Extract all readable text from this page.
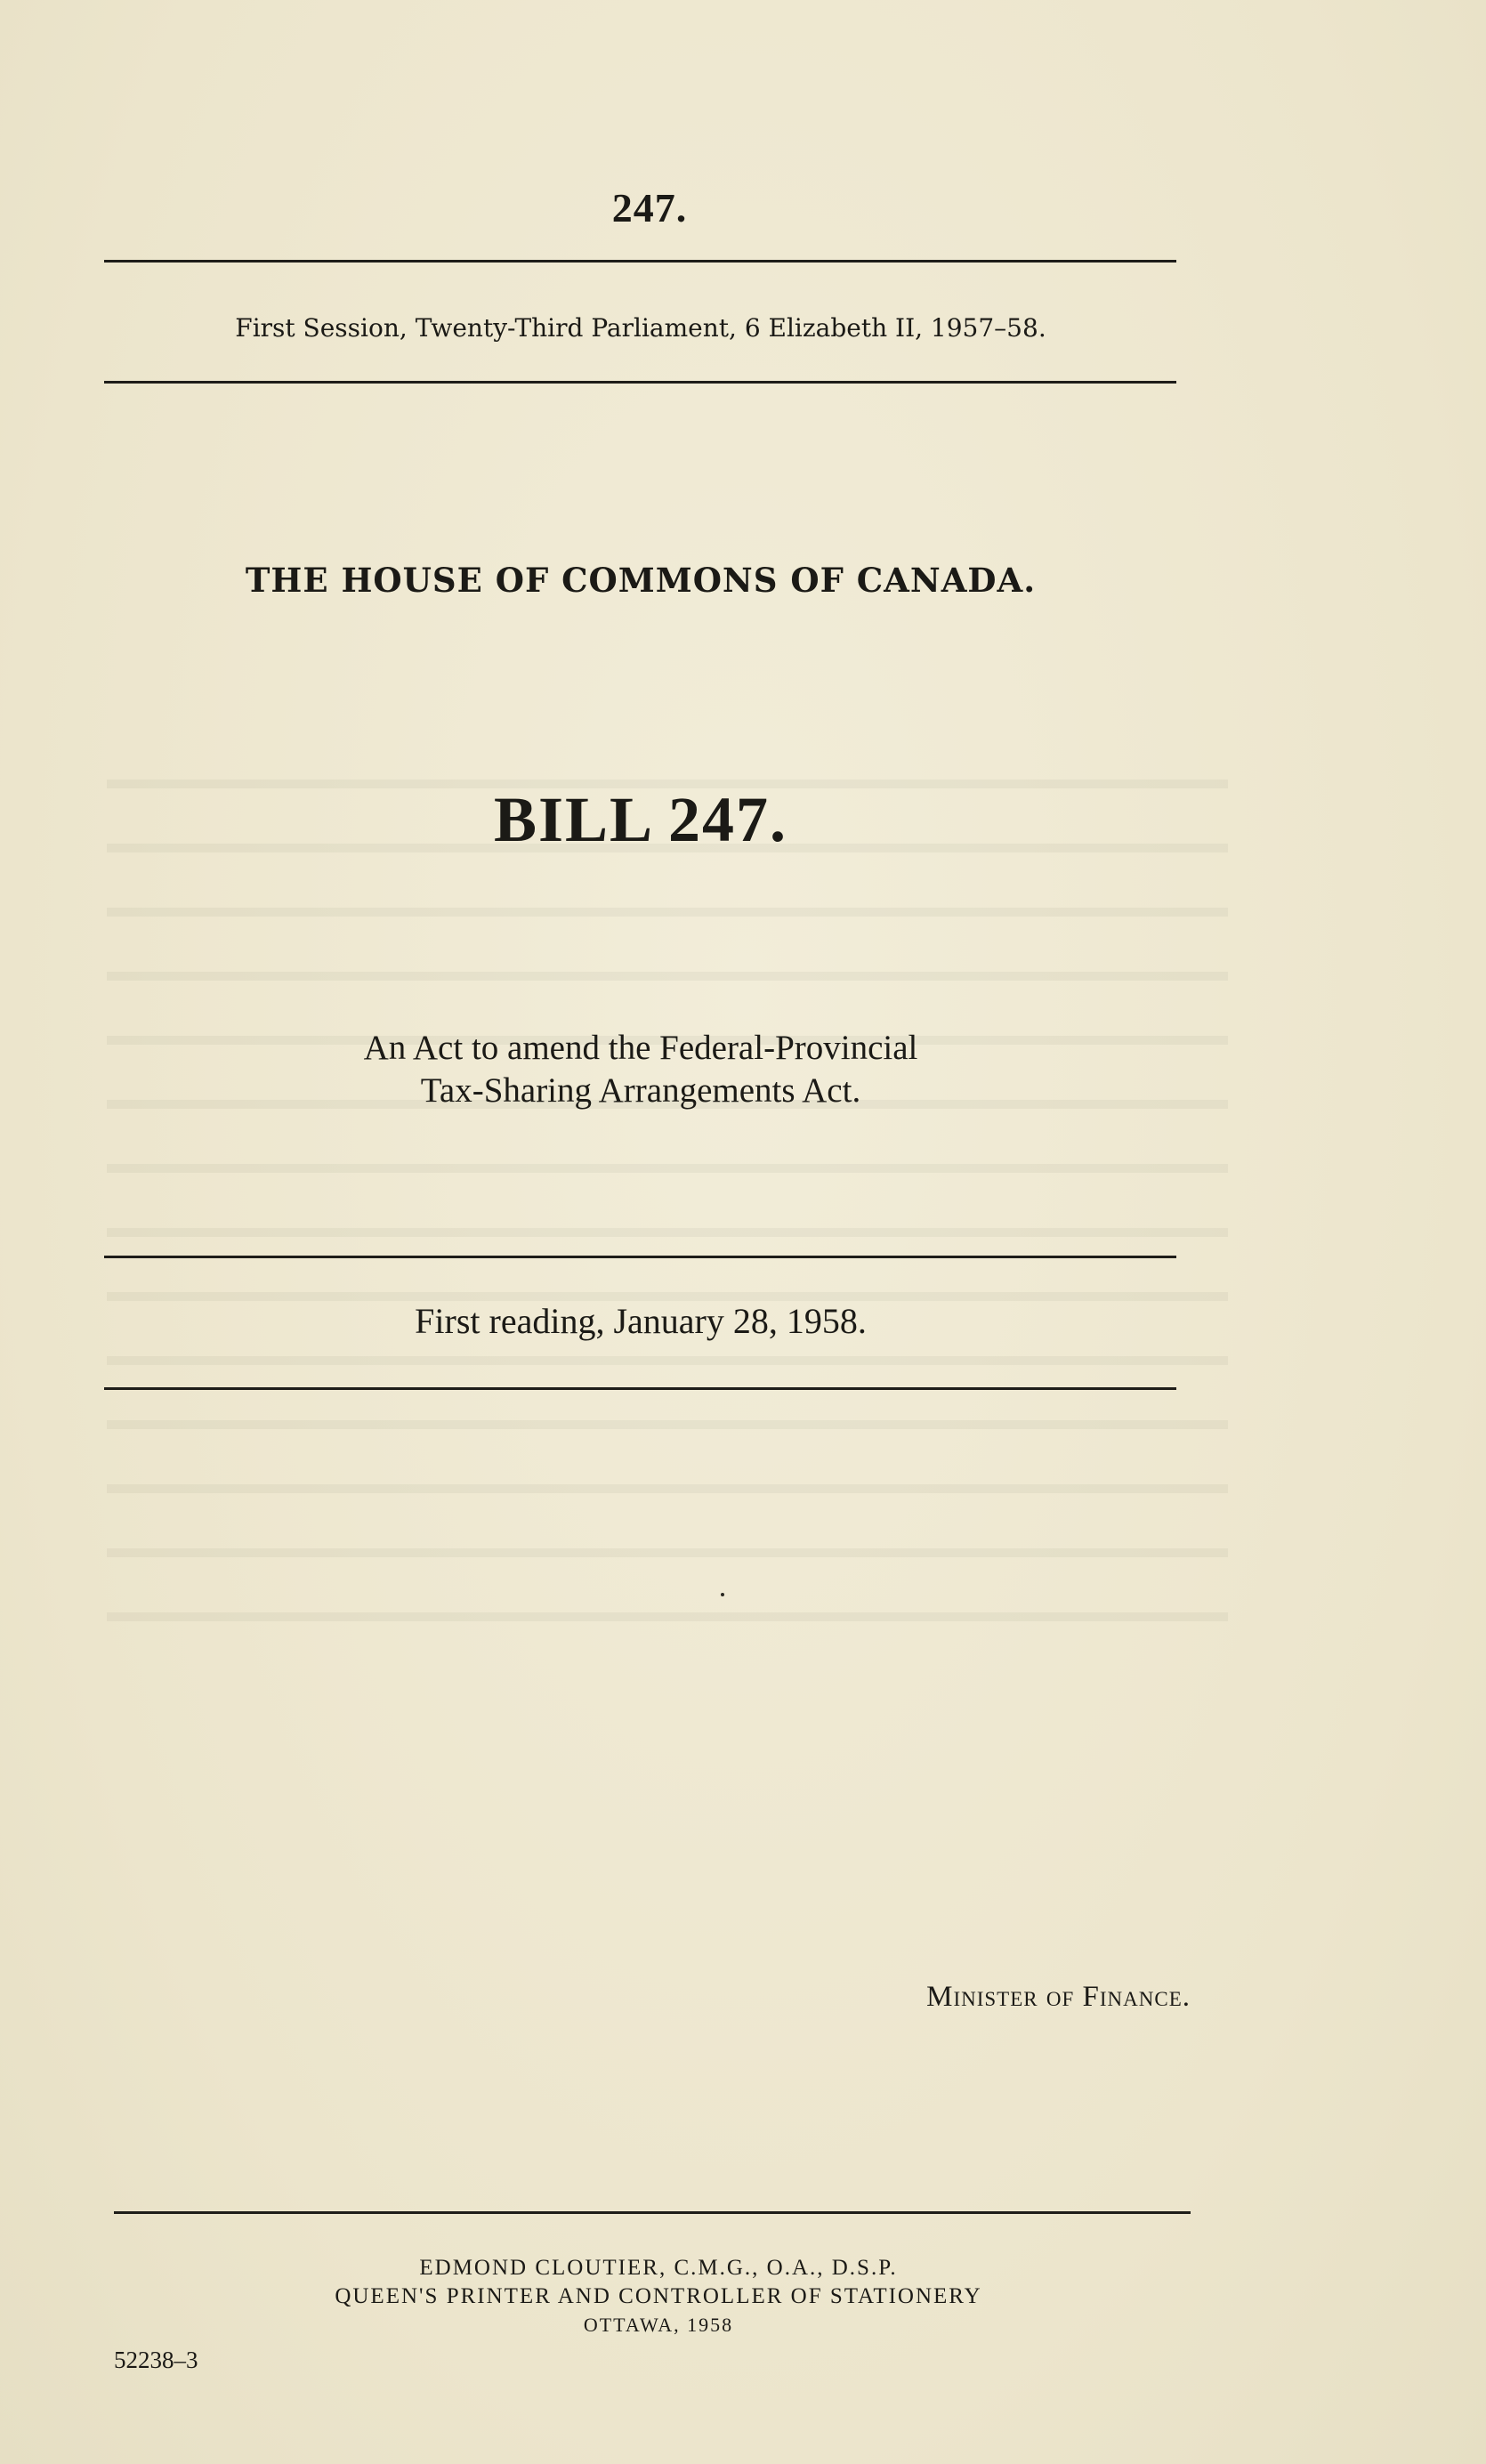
247.
First Session, Twenty-Third Parliament, 6 Elizabeth II, 1957–58.
THE HOUSE OF COMMONS OF CANADA.
BILL 247.
An Act to amend the Federal-Provincial
Tax-Sharing Arrangements Act.
First reading, January 28, 1958.
Minister of Finance.
EDMOND CLOUTIER, C.M.G., O.A., D.S.P.
QUEEN'S PRINTER AND CONTROLLER OF STATIONERY
OTTAWA, 1958
52238–3
